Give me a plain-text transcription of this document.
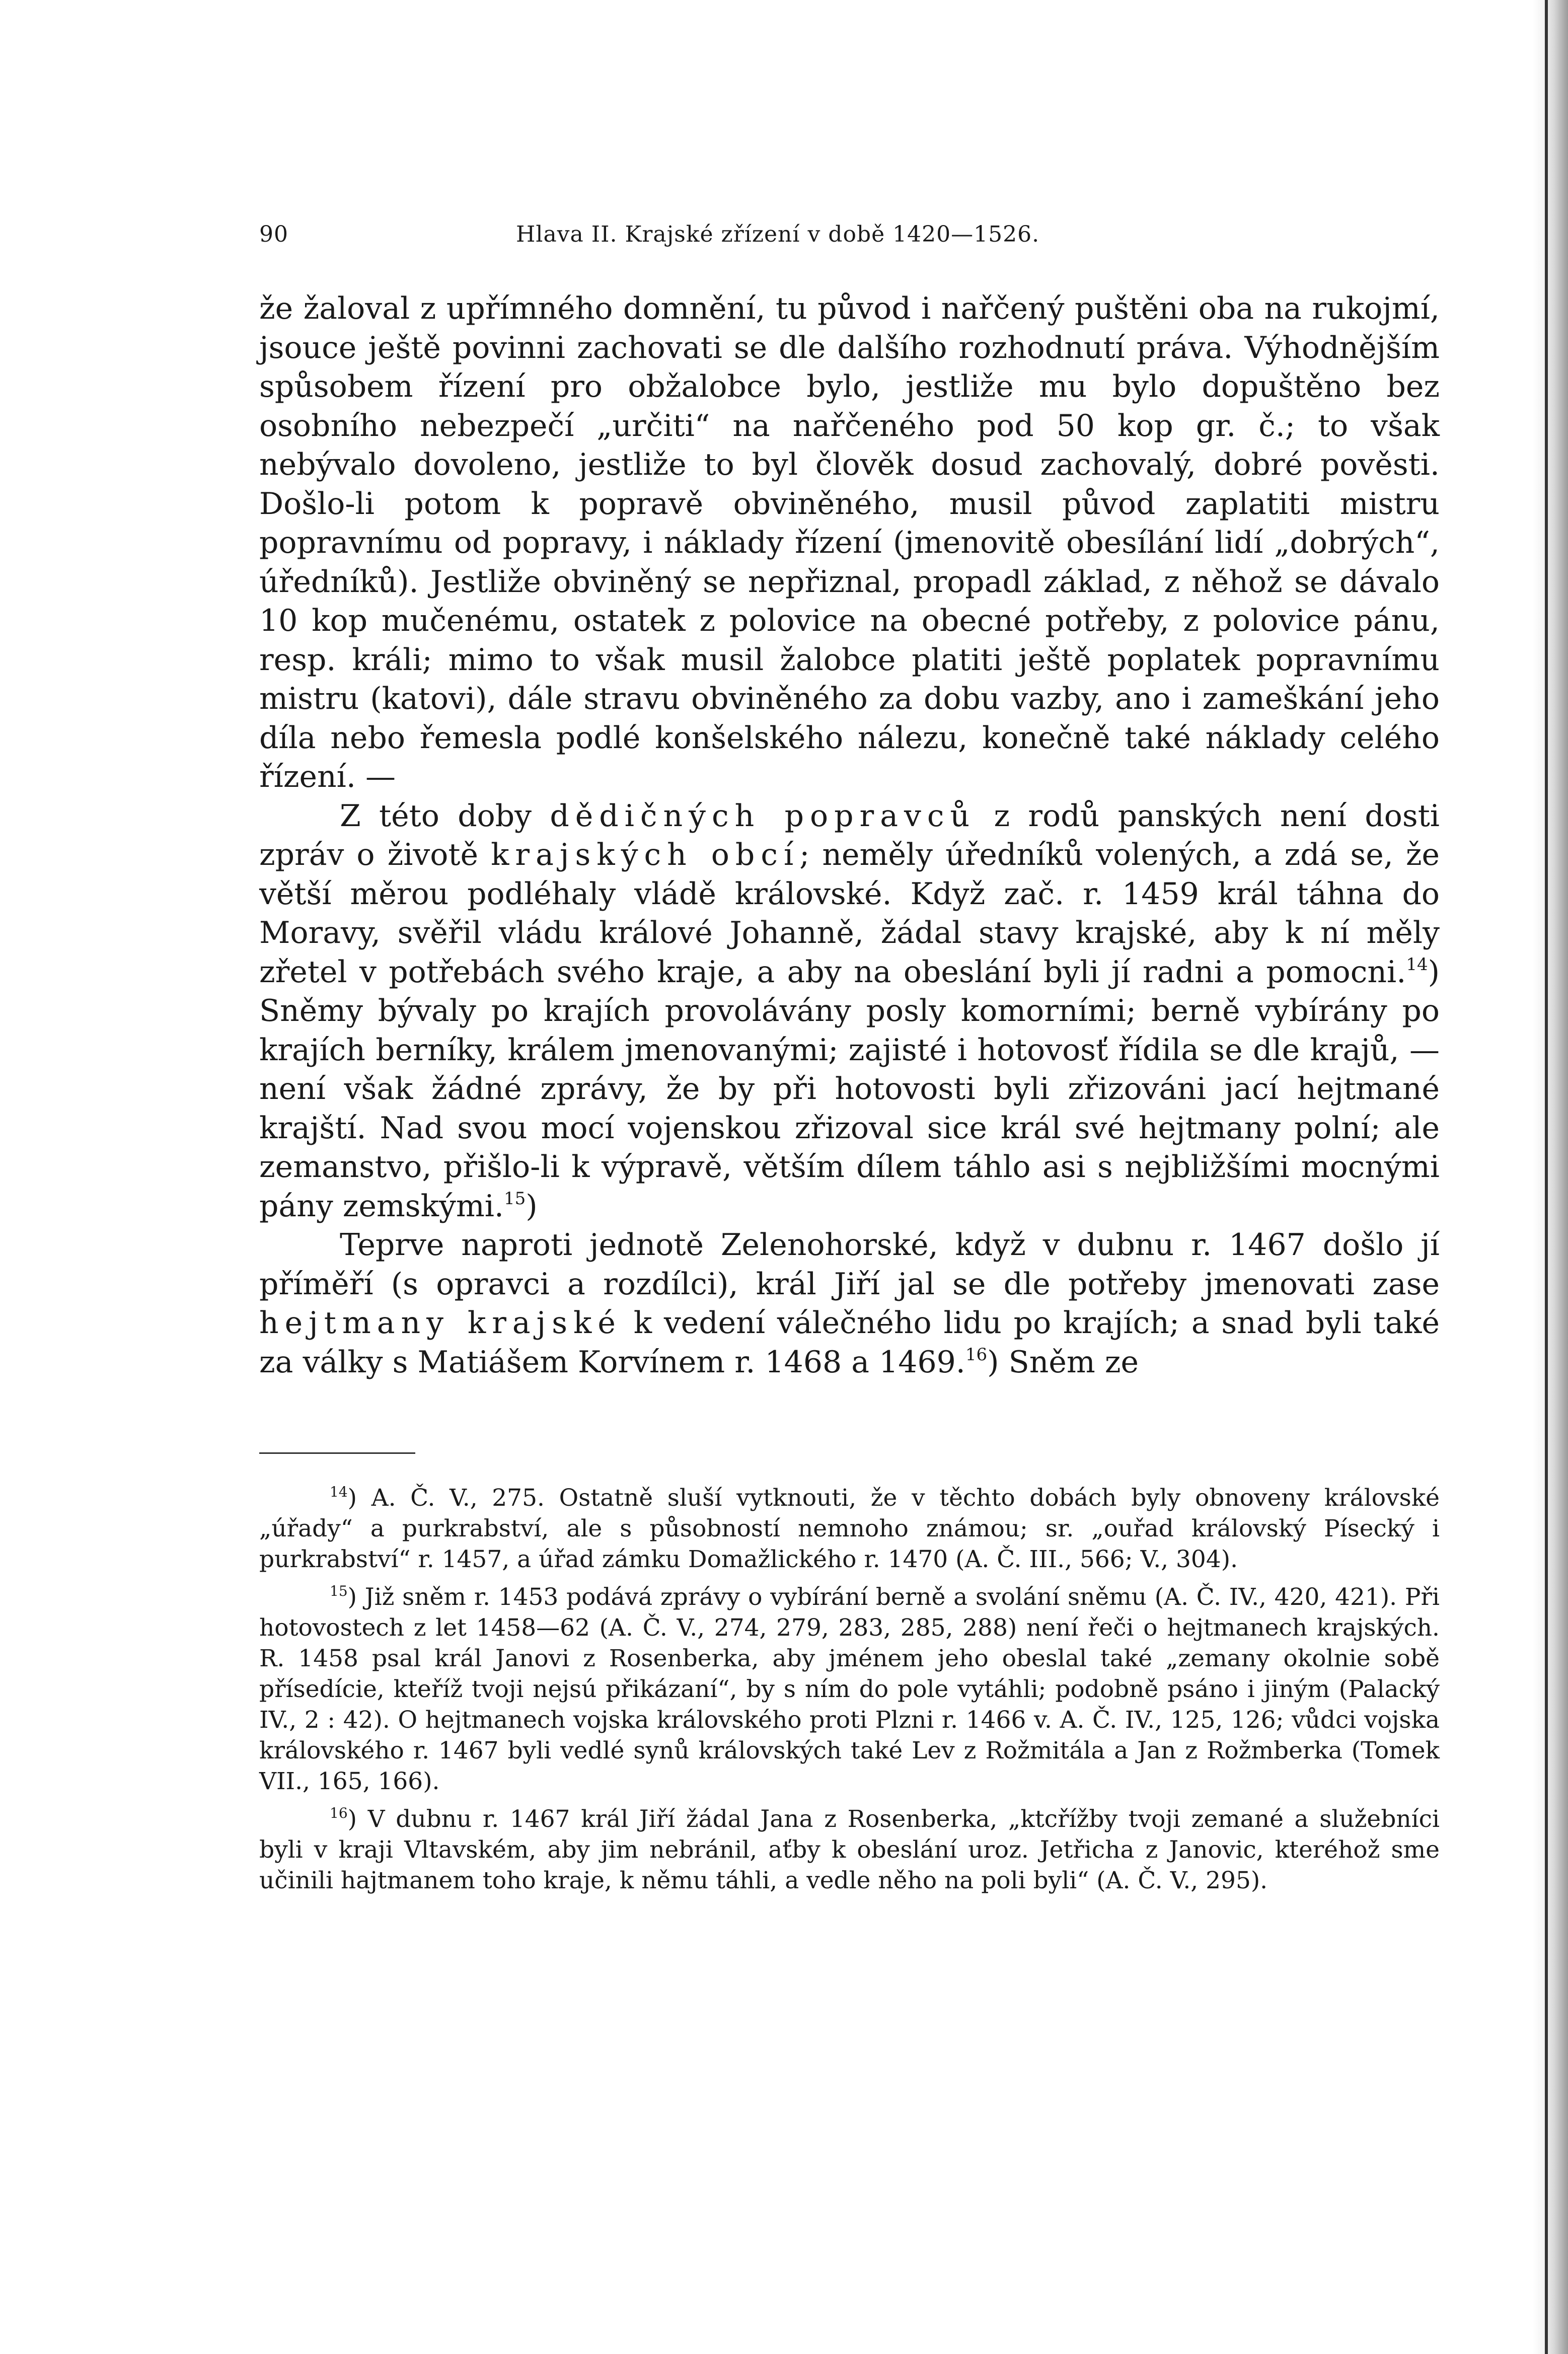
90	Hlava II. Krajské zřízení v době 1420—1526.

že žaloval z upřímného domnění, tu původ i nařčený puštěni oba na rukojmí, jsouce ještě povinni zachovati se dle dalšího rozhodnutí práva. Výhodnějším spůsobem řízení pro obžalobce bylo, jestliže mu bylo dopuštěno bez osobního nebezpečí „určiti“ na nařčeného pod 50 kop gr. č.; to však nebývalo dovoleno, jestliže to byl člověk dosud zachovalý, dobré pověsti. Došlo-li potom k popravě obviněného, musil původ zaplatiti mistru popravnímu od popravy, i náklady řízení (jmenovitě obesílání lidí „dobrých“, úředníků). Jestliže obviněný se nepřiznal, propadl základ, z něhož se dávalo 10 kop mučenému, ostatek z polovice na obecné potřeby, z polovice pánu, resp. králi; mimo to však musil žalobce platiti ještě poplatek popravnímu mistru (katovi), dále stravu obviněného za dobu vazby, ano i zameškání jeho díla nebo řemesla podlé konšelského nálezu, konečně také náklady celého řízení. —

Z této doby dědičných popravců z rodů panských není dosti zpráv o životě krajských obcí; neměly úředníků volených, a zdá se, že větší měrou podléhaly vládě královské. Když zač. r. 1459 král táhna do Moravy, svěřil vládu králové Johanně, žádal stavy krajské, aby k ní měly zřetel v potřebách svého kraje, a aby na obeslání byli jí radni a pomocni.$^{14}$) Sněmy bývaly po krajích provolávány posly komorními; berně vybírány po krajích berníky, králem jmenovanými; zajisté i hotovosť řídila se dle krajů, — není však žádné zprávy, že by při hotovosti byli zřizováni jací hejtmané krajští. Nad svou mocí vojenskou zřizoval sice král své hejtmany polní; ale zemanstvo, přišlo-li k výpravě, větším dílem táhlo asi s nejbližšími mocnými pány zemskými.$^{15}$)

Teprve naproti jednotě Zelenohorské, když v dubnu r. 1467 došlo jí příměří (s opravci a rozdílci), král Jiří jal se dle potřeby jmenovati zase hejtmany krajské k vedení válečného lidu po krajích; a snad byli také za války s Matiášem Korvínem r. 1468 a 1469.16) Sněm ze

$^{14}$) A. Č. V., 275. Ostatně sluší vytknouti, že v těchto dobách byly obnoveny královské „úřady“ a purkrabství, ale s působností nemnoho známou; sr. „ouřad královský Písecký i purkrabství“ r. 1457, a úřad zámku Domažlického r. 1470 (A. Č. III., 566; V., 304).

$^{15}$) Již sněm r. 1453 podává zprávy o vybírání berně a svolání sněmu (A. Č. IV., 420, 421). Při hotovostech z let 1458—62 (A. Č. V., 274, 279, 283, 285, 288) není řeči o hejtmanech krajských. R. 1458 psal král Janovi z Rosenberka, aby jménem jeho obeslal také „zemany okolnie sobě přísedície, kteříž tvoji nejsú přikázaní“, by s ním do pole vytáhli; podobně psáno i jiným (Palacký IV., 2 : 42). O hejtmanech vojska královského proti Plzni r. 1466 v. A. Č. IV., 125, 126; vůdci vojska královského r. 1467 byli vedlé synů královských také Lev z Rožmitála a Jan z Rožmberka (Tomek VII., 165, 166).

$^{16}$) V dubnu r. 1467 král Jiří žádal Jana z Rosenberka, „ktcřížby tvoji zemané a služebníci byli v kraji Vltavském, aby jim nebránil, aťby k obeslání uroz. Jetřicha z Janovic, kteréhož sme učinili hajtmanem toho kraje, k němu táhli, a vedle něho na poli byli“ (A. Č. V., 295).
